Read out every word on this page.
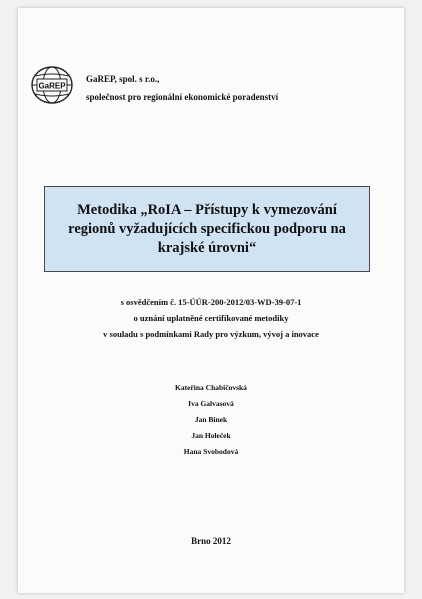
GaREP
GaREP, spol. s r.o.,
společnost pro regionální ekonomické poradenství
Metodika „RoIA – Přístupy k vymezování regionů vyžadujících specifickou podporu na krajské úrovni“
s osvědčením č. 15-ÚÚR-200-2012/03-WD-39-07-1
o uznání uplatněné certifikované metodiky
v souladu s podmínkami Rady pro výzkum, vývoj a inovace
Kateřina Chabičovská
Iva Galvasová
Jan Binek
Jan Holeček
Hana Svobodová
Brno 2012
